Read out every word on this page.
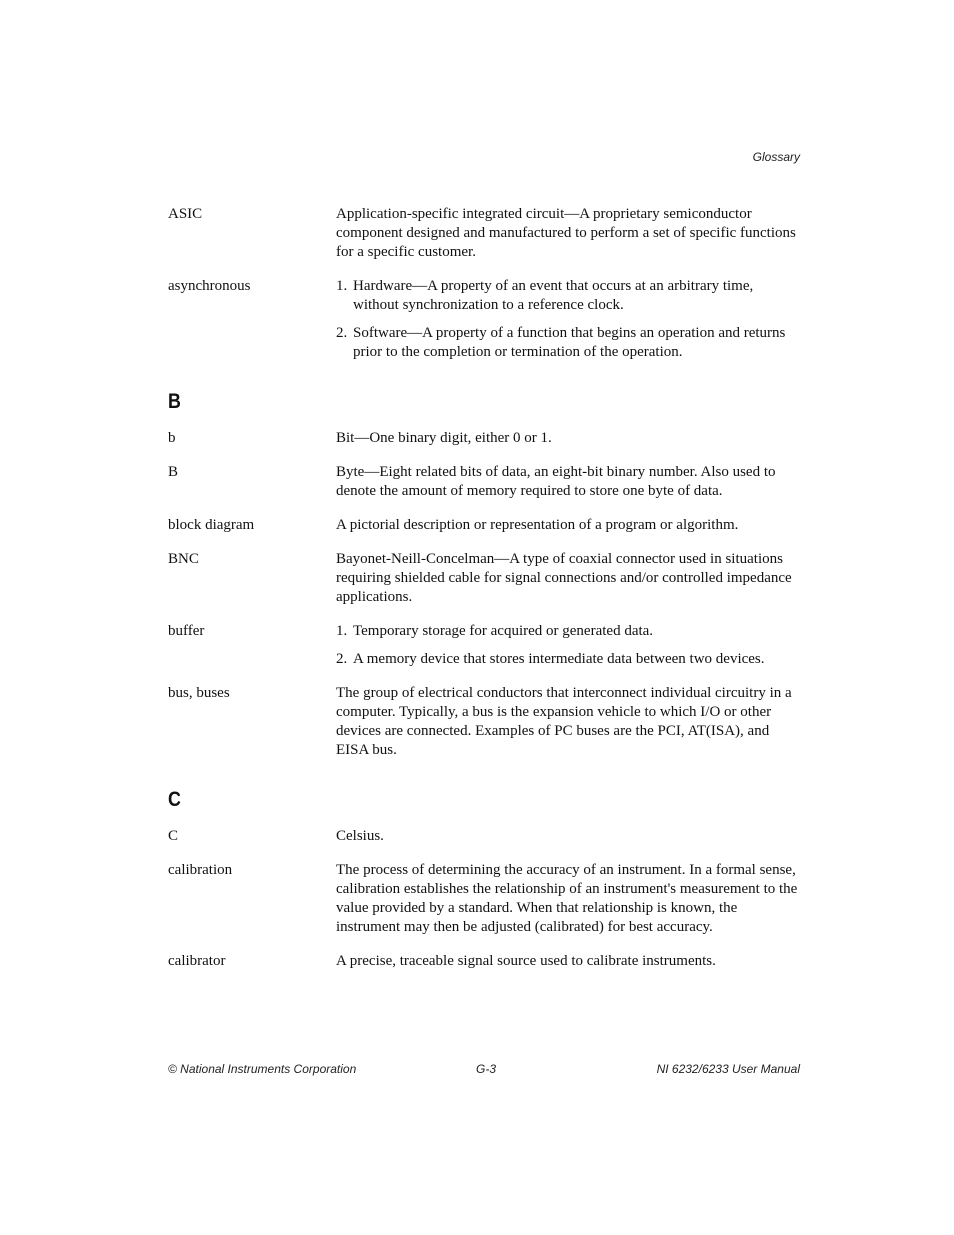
Glossary
ASIC	Application-specific integrated circuit—A proprietary semiconductor component designed and manufactured to perform a set of specific functions for a specific customer.
asynchronous	1. Hardware—A property of an event that occurs at an arbitrary time, without synchronization to a reference clock.
2. Software—A property of a function that begins an operation and returns prior to the completion or termination of the operation.
B
b	Bit—One binary digit, either 0 or 1.
B	Byte—Eight related bits of data, an eight-bit binary number. Also used to denote the amount of memory required to store one byte of data.
block diagram	A pictorial description or representation of a program or algorithm.
BNC	Bayonet-Neill-Concelman—A type of coaxial connector used in situations requiring shielded cable for signal connections and/or controlled impedance applications.
buffer	1. Temporary storage for acquired or generated data.
2. A memory device that stores intermediate data between two devices.
bus, buses	The group of electrical conductors that interconnect individual circuitry in a computer. Typically, a bus is the expansion vehicle to which I/O or other devices are connected. Examples of PC buses are the PCI, AT(ISA), and EISA bus.
C
C	Celsius.
calibration	The process of determining the accuracy of an instrument. In a formal sense, calibration establishes the relationship of an instrument's measurement to the value provided by a standard. When that relationship is known, the instrument may then be adjusted (calibrated) for best accuracy.
calibrator	A precise, traceable signal source used to calibrate instruments.
© National Instruments Corporation	G-3	NI 6232/6233 User Manual
